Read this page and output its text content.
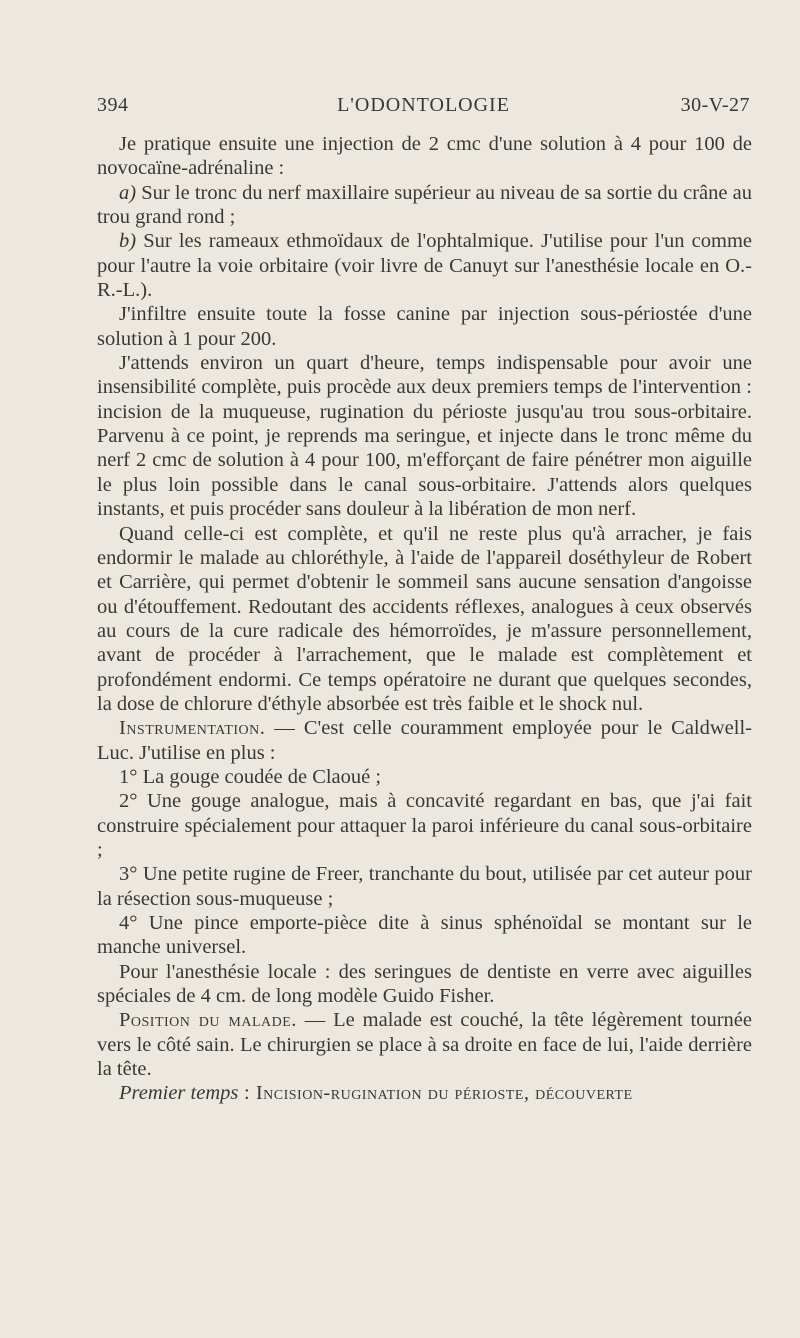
394	L'ODONTOLOGIE	30-V-27

Je pratique ensuite une injection de 2 cmc d'une solution à 4 pour 100 de novocaïne-adrénaline :

a) Sur le tronc du nerf maxillaire supérieur au niveau de sa sortie du crâne au trou grand rond ;

b) Sur les rameaux ethmoïdaux de l'ophtalmique. J'utilise pour l'un comme pour l'autre la voie orbitaire (voir livre de Canuyt sur l'anesthésie locale en O.-R.-L.).

J'infiltre ensuite toute la fosse canine par injection sous-périostée d'une solution à 1 pour 200.

J'attends environ un quart d'heure, temps indispensable pour avoir une insensibilité complète, puis procède aux deux premiers temps de l'intervention : incision de la muqueuse, rugination du périoste jusqu'au trou sous-orbitaire. Parvenu à ce point, je reprends ma seringue, et injecte dans le tronc même du nerf 2 cmc de solution à 4 pour 100, m'efforçant de faire pénétrer mon aiguille le plus loin possible dans le canal sous-orbitaire. J'attends alors quelques instants, et puis procéder sans douleur à la libération de mon nerf.

Quand celle-ci est complète, et qu'il ne reste plus qu'à arracher, je fais endormir le malade au chloréthyle, à l'aide de l'appareil doséthyleur de Robert et Carrière, qui permet d'obtenir le sommeil sans aucune sensation d'angoisse ou d'étouffement. Redoutant des accidents réflexes, analogues à ceux observés au cours de la cure radicale des hémorroïdes, je m'assure personnellement, avant de procéder à l'arrachement, que le malade est complètement et profondément endormi. Ce temps opératoire ne durant que quelques secondes, la dose de chlorure d'éthyle absorbée est très faible et le shock nul.

Instrumentation. — C'est celle couramment employée pour le Caldwell-Luc. J'utilise en plus :

1° La gouge coudée de Claoué ;

2° Une gouge analogue, mais à concavité regardant en bas, que j'ai fait construire spécialement pour attaquer la paroi inférieure du canal sous-orbitaire ;

3° Une petite rugine de Freer, tranchante du bout, utilisée par cet auteur pour la résection sous-muqueuse ;

4° Une pince emporte-pièce dite à sinus sphénoïdal se montant sur le manche universel.

Pour l'anesthésie locale : des seringues de dentiste en verre avec aiguilles spéciales de 4 cm. de long modèle Guido Fisher.

Position du malade. — Le malade est couché, la tête légèrement tournée vers le côté sain. Le chirurgien se place à sa droite en face de lui, l'aide derrière la tête.

Premier temps : Incision-rugination du périoste, découverte
